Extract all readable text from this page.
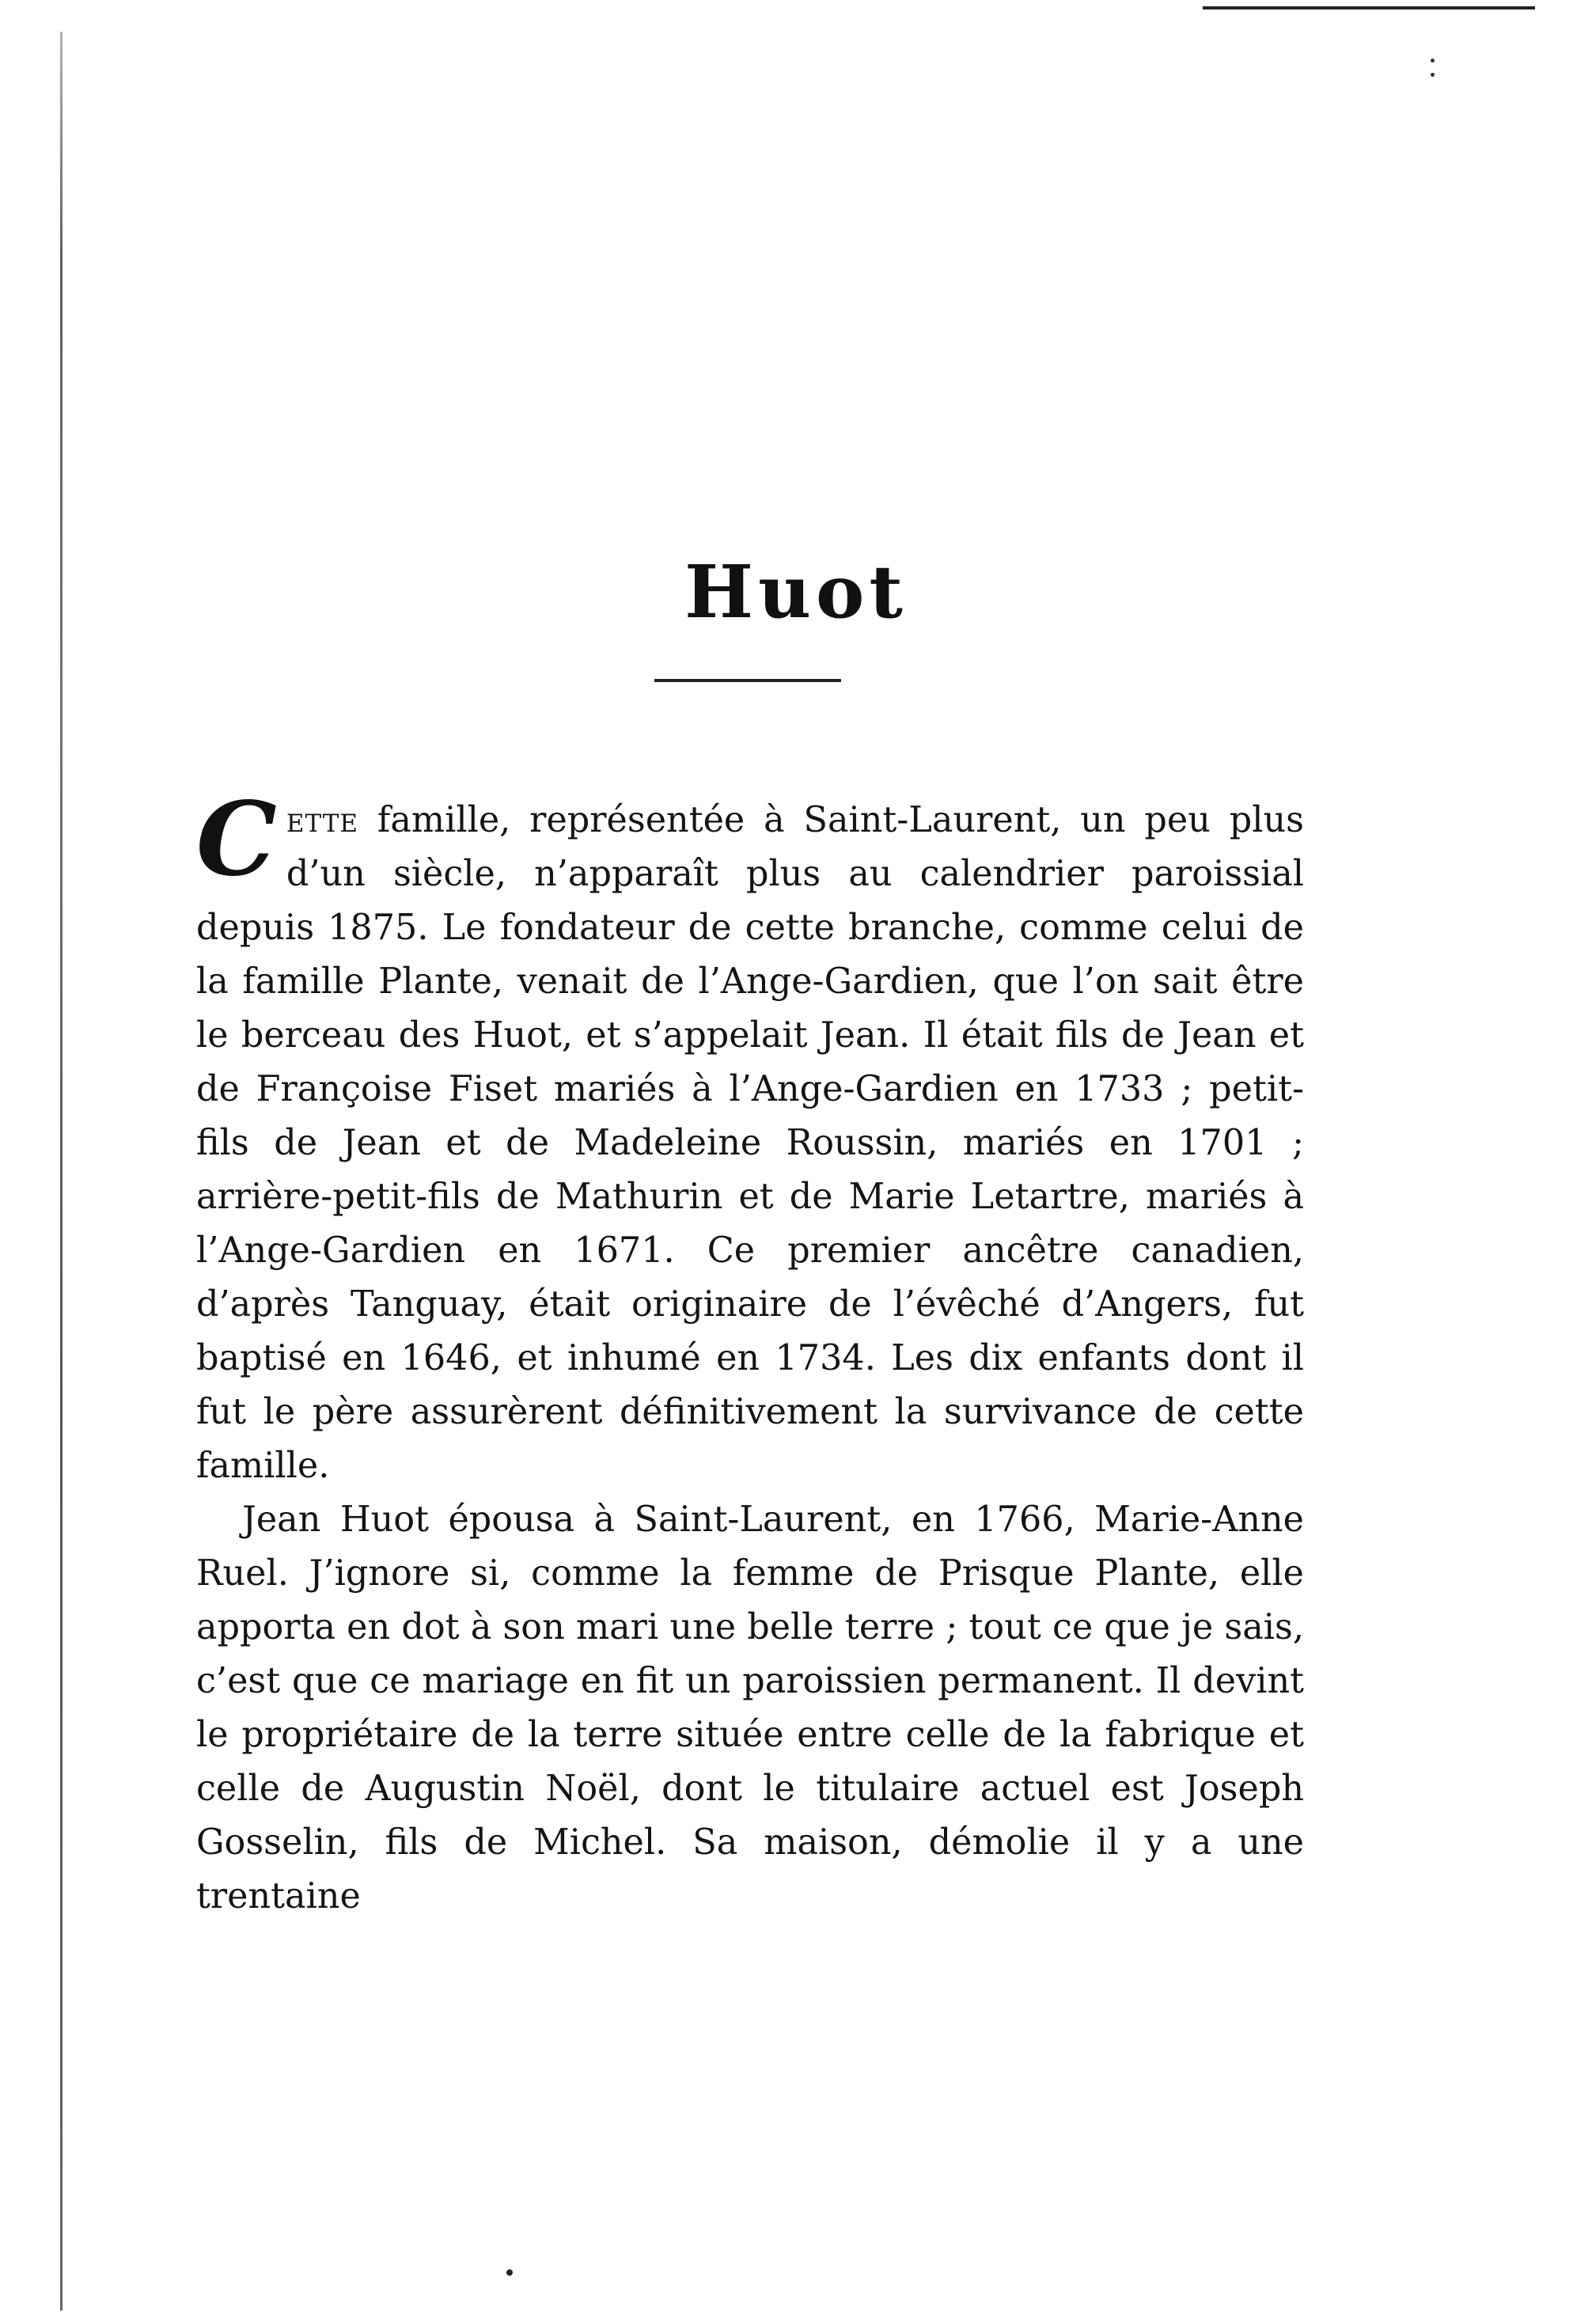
Huot

Cette famille, représentée à Saint-Laurent, un peu plus d’un siècle, n’apparaît plus au calendrier paroissial depuis 1875. Le fondateur de cette branche, comme celui de la famille Plante, venait de l’Ange-Gardien, que l’on sait être le berceau des Huot, et s’appelait Jean. Il était fils de Jean et de Françoise Fiset mariés à l’Ange-Gardien en 1733 ; petit-fils de Jean et de Madeleine Roussin, mariés en 1701 ; arrière-petit-fils de Mathurin et de Marie Letartre, mariés à l’Ange-Gardien en 1671. Ce premier ancêtre canadien, d’après Tanguay, était originaire de l’évêché d’Angers, fut baptisé en 1646, et inhumé en 1734. Les dix enfants dont il fut le père assurèrent définitivement la survivance de cette famille.

Jean Huot épousa à Saint-Laurent, en 1766, Marie-Anne Ruel. J’ignore si, comme la femme de Prisque Plante, elle apporta en dot à son mari une belle terre ; tout ce que je sais, c’est que ce mariage en fit un paroissien permanent. Il devint le propriétaire de la terre située entre celle de la fabrique et celle de Augustin Noël, dont le titulaire actuel est Joseph Gosselin, fils de Michel. Sa maison, démolie il y a une trentaine
